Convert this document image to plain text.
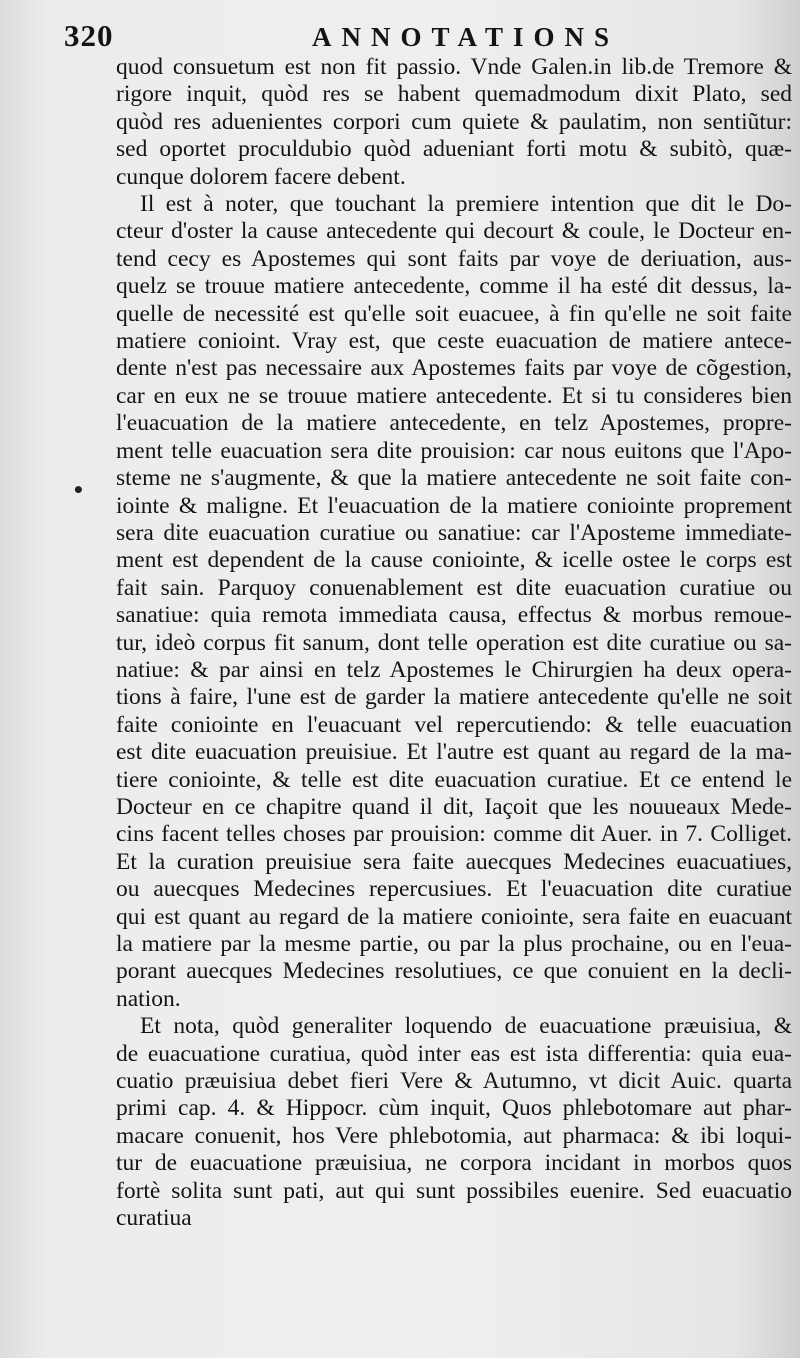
320	ANNOTATIONS
•
quod consuetum est non fit passio. Vnde Galen.in lib.de Tremore &
rigore inquit, quòd res se habent quemadmodum dixit Plato, sed
quòd res aduenientes corpori cum quiete & paulatim, non sentiũtur:
sed oportet proculdubio quòd adueniant forti motu & subitò, quæ-
cunque dolorem facere debent.
Il est à noter, que touchant la premiere intention que dit le Do-
cteur d'oster la cause antecedente qui decourt & coule, le Docteur en-
tend cecy es Apostemes qui sont faits par voye de deriuation, aus-
quelz se trouue matiere antecedente, comme il ha esté dit dessus, la-
quelle de necessité est qu'elle soit euacuee, à fin qu'elle ne soit faite
matiere conioint. Vray est, que ceste euacuation de matiere antece-
dente n'est pas necessaire aux Apostemes faits par voye de cõgestion,
car en eux ne se trouue matiere antecedente. Et si tu consideres bien
l'euacuation de la matiere antecedente, en telz Apostemes, propre-
ment telle euacuation sera dite prouision: car nous euitons que l'Apo-
steme ne s'augmente, & que la matiere antecedente ne soit faite con-
iointe & maligne. Et l'euacuation de la matiere coniointe proprement
sera dite euacuation curatiue ou sanatiue: car l'Aposteme immediate-
ment est dependent de la cause coniointe, & icelle ostee le corps est
fait sain. Parquoy conuenablement est dite euacuation curatiue ou
sanatiue: quia remota immediata causa, effectus & morbus remoue-
tur, ideò corpus fit sanum, dont telle operation est dite curatiue ou sa-
natiue: & par ainsi en telz Apostemes le Chirurgien ha deux opera-
tions à faire, l'une est de garder la matiere antecedente qu'elle ne soit
faite coniointe en l'euacuant vel repercutiendo: & telle euacuation
est dite euacuation preuisiue. Et l'autre est quant au regard de la ma-
tiere coniointe, & telle est dite euacuation curatiue. Et ce entend le
Docteur en ce chapitre quand il dit, Iaçoit que les nouueaux Mede-
cins facent telles choses par prouision: comme dit Auer. in 7. Colliget.
Et la curation preuisiue sera faite auecques Medecines euacuatiues,
ou auecques Medecines repercusiues. Et l'euacuation dite curatiue
qui est quant au regard de la matiere coniointe, sera faite en euacuant
la matiere par la mesme partie, ou par la plus prochaine, ou en l'eua-
porant auecques Medecines resolutiues, ce que conuient en la decli-
nation.
Et nota, quòd generaliter loquendo de euacuatione præuisiua, &
de euacuatione curatiua, quòd inter eas est ista differentia: quia eua-
cuatio præuisiua debet fieri Vere & Autumno, vt dicit Auic. quarta
primi cap. 4. & Hippocr. cùm inquit, Quos phlebotomare aut phar-
macare conuenit, hos Vere phlebotomia, aut pharmaca: & ibi loqui-
tur de euacuatione præuisiua, ne corpora incidant in morbos quos
fortè solita sunt pati, aut qui sunt possibiles euenire. Sed euacuatio
curatiua
